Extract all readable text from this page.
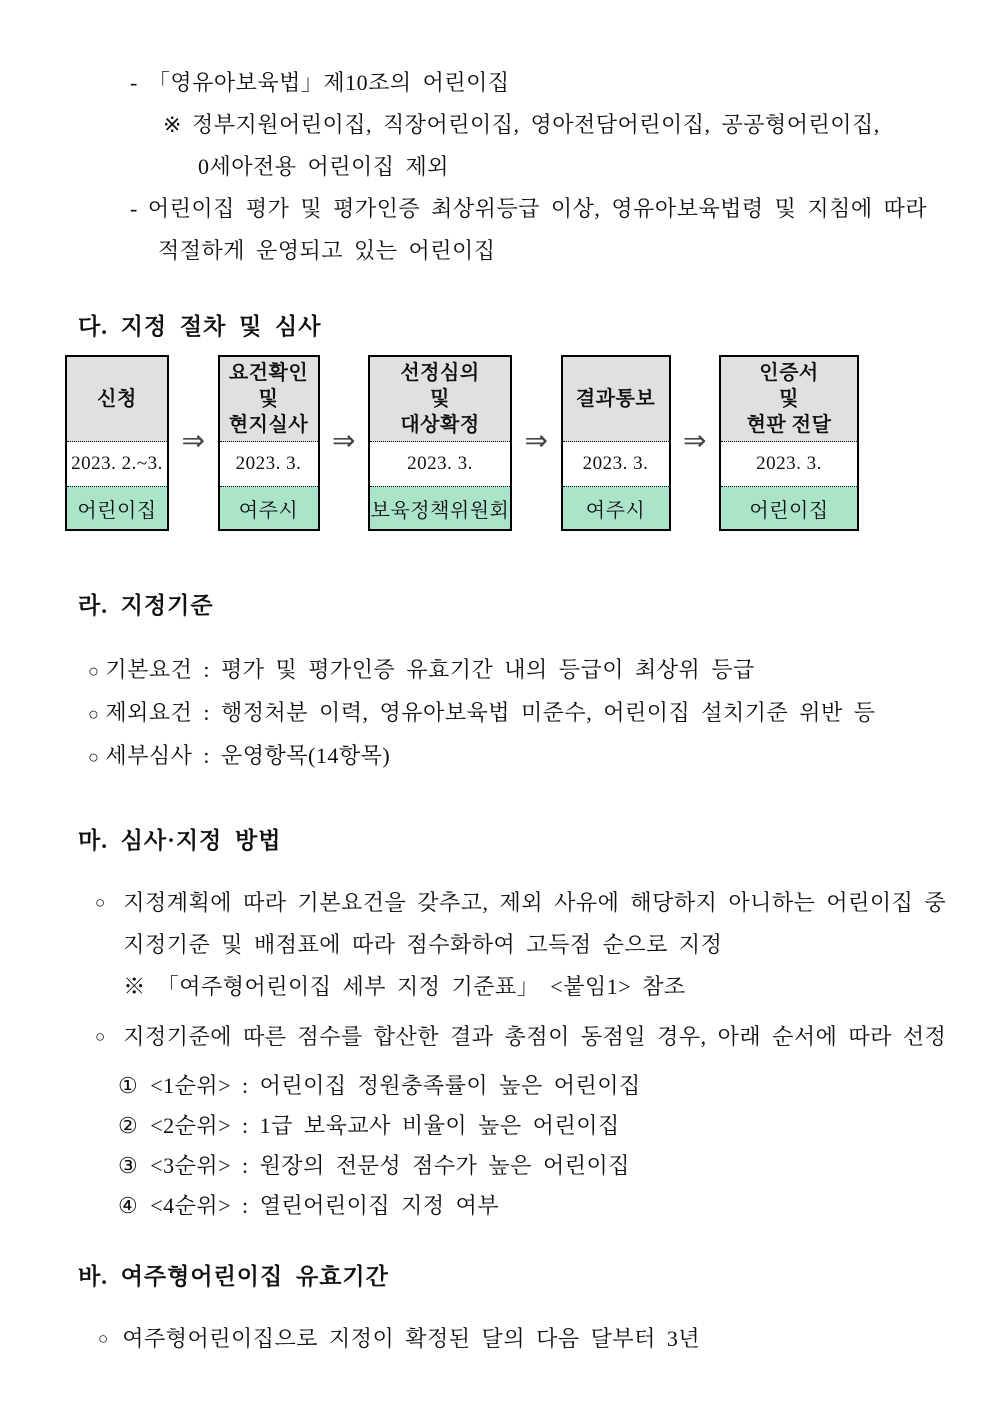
- 「영유아보육법」제10조의 어린이집
※ 정부지원어린이집, 직장어린이집, 영아전담어린이집, 공공형어린이집,
0세아전용 어린이집 제외
- 어린이집 평가 및 평가인증 최상위등급 이상, 영유아보육법령 및 지침에 따라
적절하게 운영되고 있는 어린이집
다. 지정 절차 및 심사
신청
2023. 2.~3.
어린이집
⇒
요건확인
및
현지실사
2023. 3.
여주시
⇒
선정심의
및
대상확정
2023. 3.
보육정책위원회
⇒
결과통보
2023. 3.
여주시
⇒
인증서
및
현판 전달
2023. 3.
어린이집
라. 지정기준
○ 기본요건 : 평가 및 평가인증 유효기간 내의 등급이 최상위 등급
○ 제외요건 : 행정처분 이력, 영유아보육법 미준수, 어린이집 설치기준 위반 등
○ 세부심사 : 운영항목(14항목)
마. 심사·지정 방법
○ 지정계획에 따라 기본요건을 갖추고, 제외 사유에 해당하지 아니하는 어린이집 중
지정기준 및 배점표에 따라 점수화하여 고득점 순으로 지정
※ 「여주형어린이집 세부 지정 기준표」 <붙임1> 참조
○ 지정기준에 따른 점수를 합산한 결과 총점이 동점일 경우, 아래 순서에 따라 선정
① <1순위> : 어린이집 정원충족률이 높은 어린이집
② <2순위> : 1급 보육교사 비율이 높은 어린이집
③ <3순위> : 원장의 전문성 점수가 높은 어린이집
④ <4순위> : 열린어린이집 지정 여부
바. 여주형어린이집 유효기간
○ 여주형어린이집으로 지정이 확정된 달의 다음 달부터 3년
